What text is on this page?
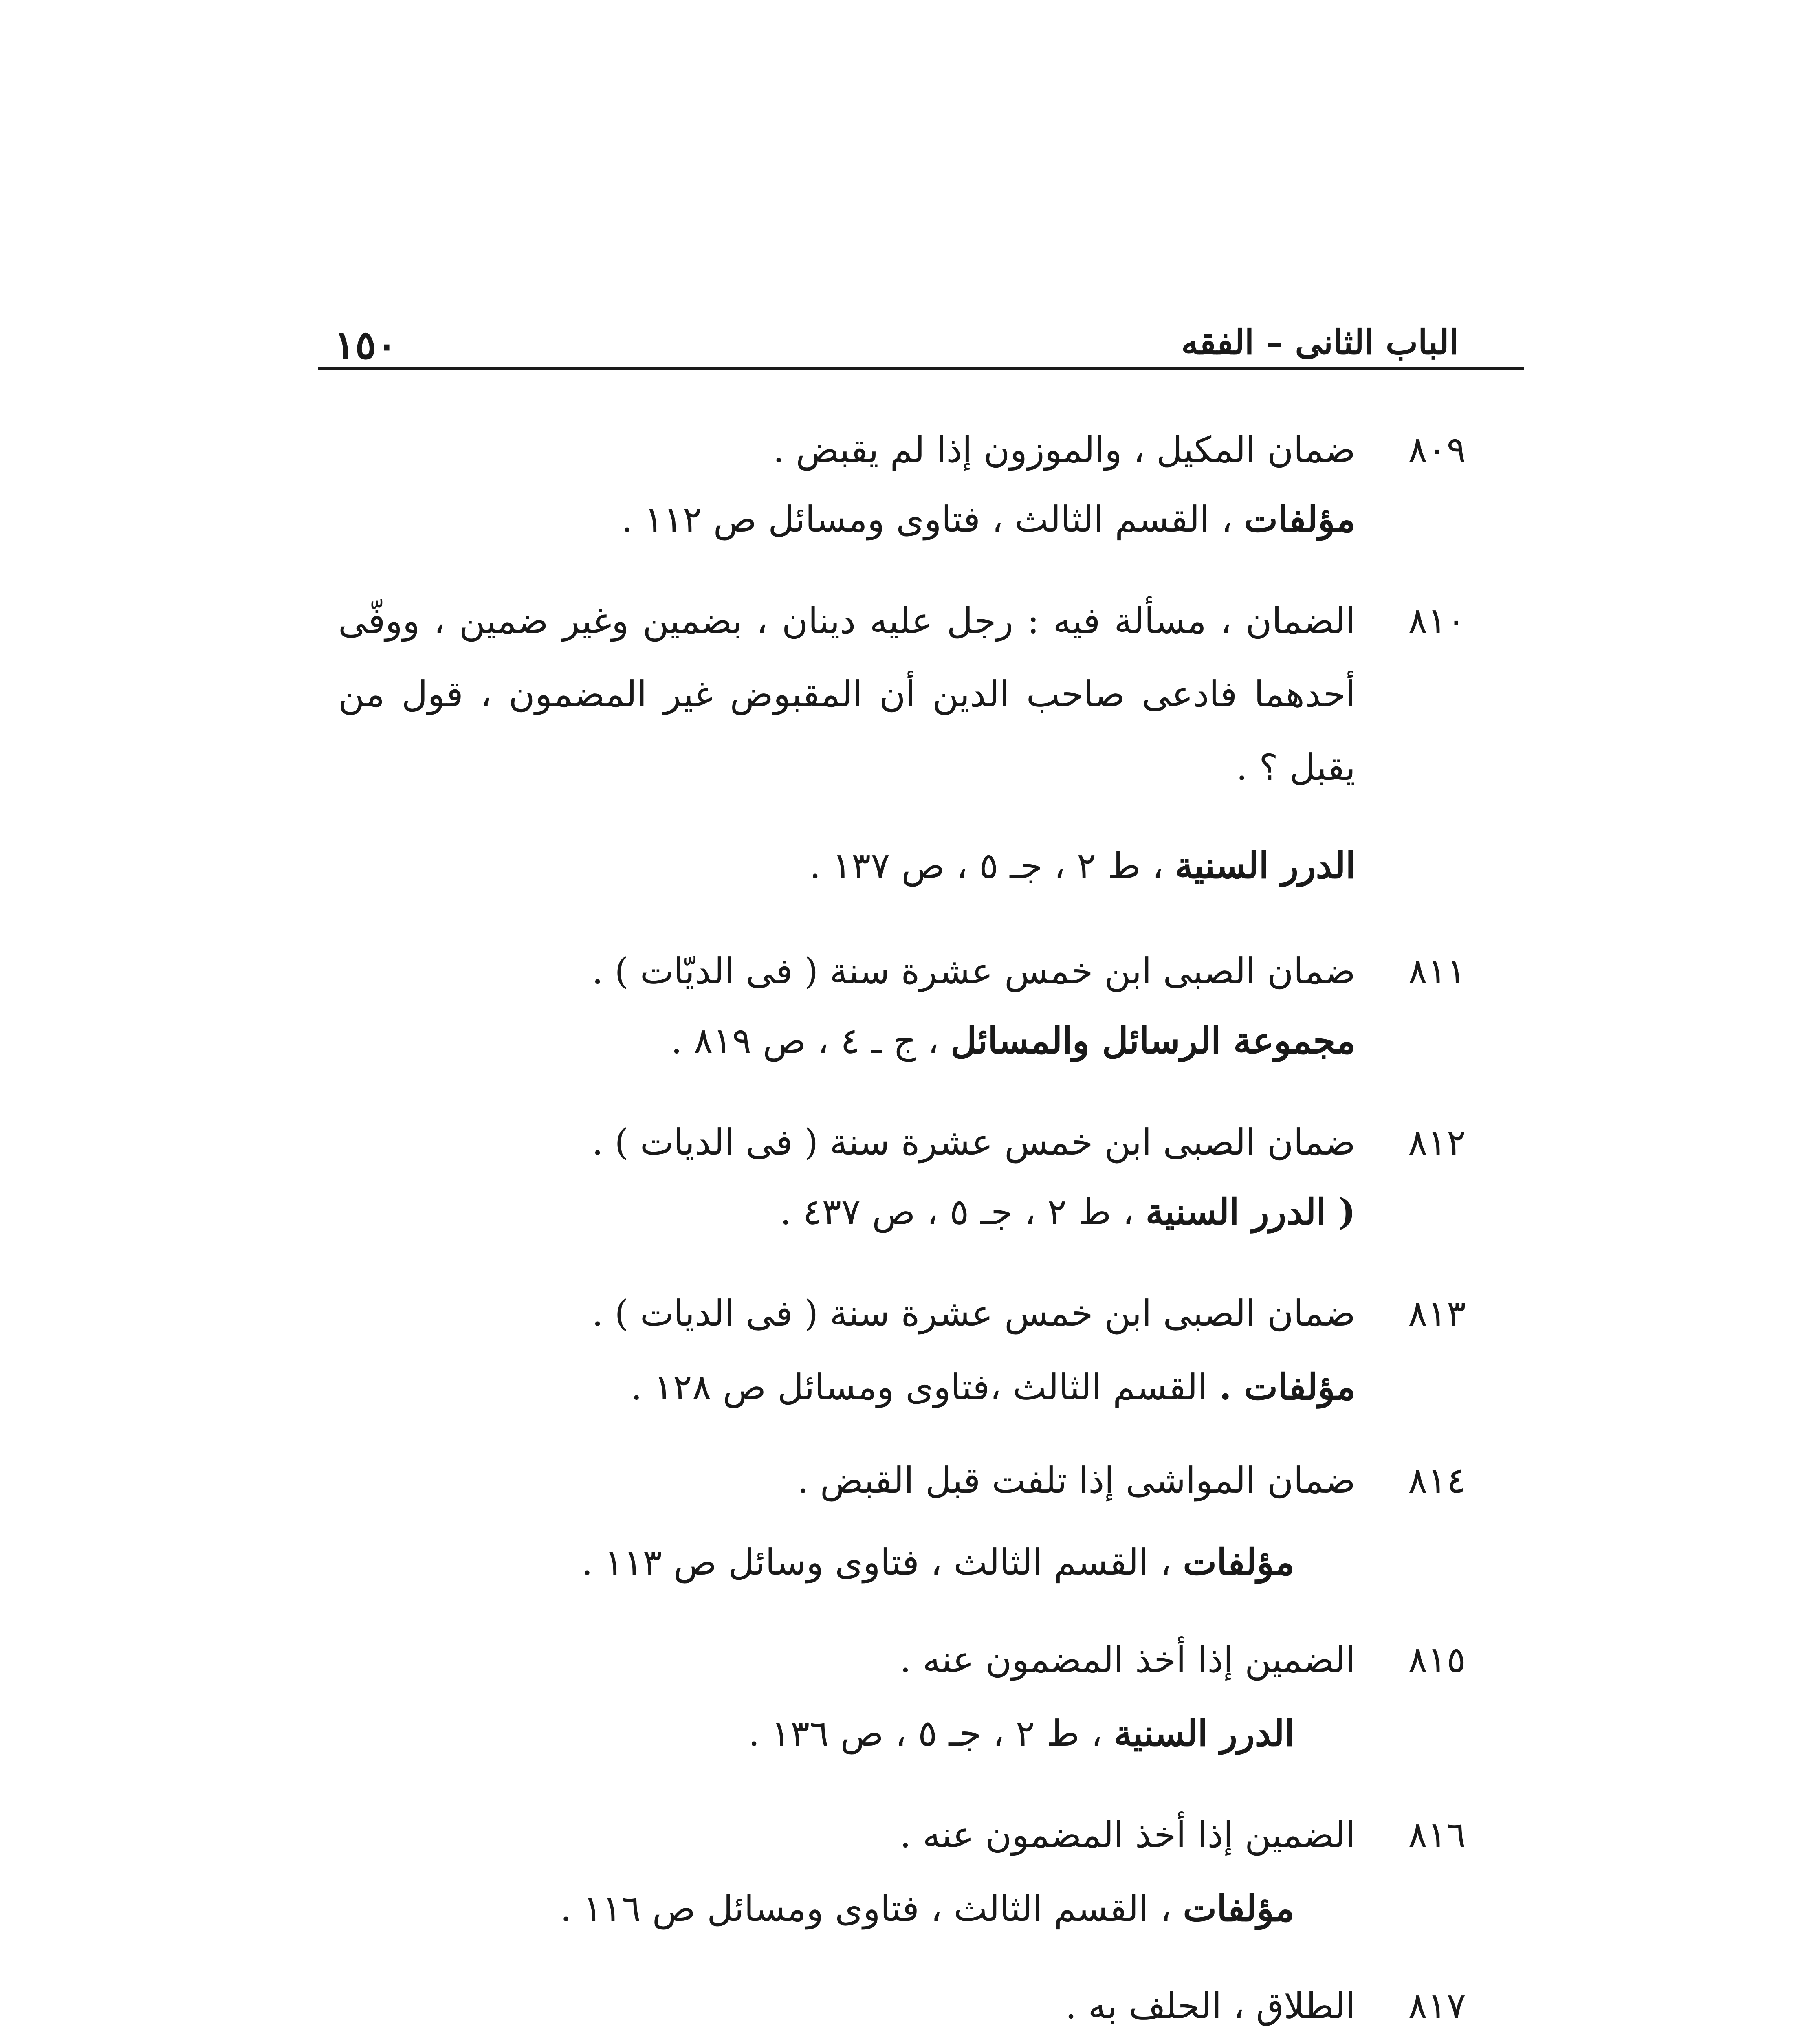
١٥٠	الباب الثانى – الفقه
٨٠٩
ضمان المكيل ، والموزون إذا لم يقبض .
مؤلفات ، القسم الثالث ، فتاوى ومسائل ص ١١٢ .
٨١٠
الضمان ، مسألة فيه : رجل عليه دينان ، بضمين وغير ضمين ، ووفّى
أحدهما فادعى صاحب الدين أن المقبوض غير المضمون ، قول من
يقبل ؟ .
الدرر السنية ، ط ٢ ، جـ ٥ ، ص ١٣٧ .
٨١١
ضمان الصبى ابن خمس عشرة سنة ( فى الديّات ) .
مجموعة الرسائل والمسائل ، ج ـ ٤ ، ص ٨١٩ .
٨١٢
ضمان الصبى ابن خمس عشرة سنة ( فى الديات ) .
( الدرر السنية ، ط ٢ ، جـ ٥ ، ص ٤٣٧ .
٨١٣
ضمان الصبى ابن خمس عشرة سنة ( فى الديات ) .
مؤلفات . القسم الثالث ،فتاوى ومسائل ص ١٢٨ .
٨١٤
ضمان المواشى إذا تلفت قبل القبض .
مؤلفات ، القسم الثالث ، فتاوى وسائل ص ١١٣ .
٨١٥
الضمين إذا أخذ المضمون عنه .
الدرر السنية ، ط ٢ ، جـ ٥ ، ص ١٣٦ .
٨١٦
الضمين إذا أخذ المضمون عنه .
مؤلفات ، القسم الثالث ، فتاوى ومسائل ص ١١٦ .
٨١٧
الطلاق ، الحلف به .
